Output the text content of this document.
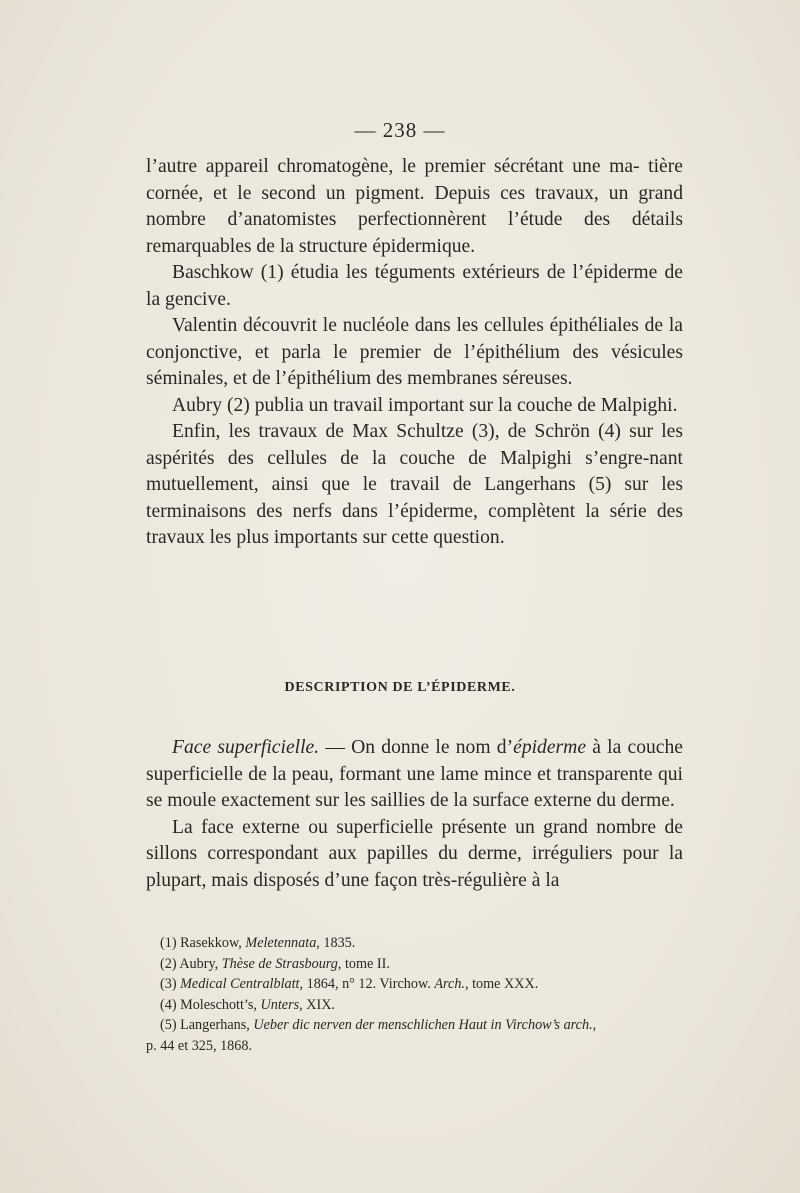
— 238 —

l’autre appareil chromatogène, le premier sécrétant une ma- tière cornée, et le second un pigment. Depuis ces travaux, un grand nombre d’anatomistes perfectionnèrent l’étude des détails remarquables de la structure épidermique.

Baschkow (1) étudia les téguments extérieurs de l’épiderme de la gencive.

Valentin découvrit le nucléole dans les cellules épithéliales de la conjonctive, et parla le premier de l’épithélium des vésicules séminales, et de l’épithélium des membranes séreuses.

Aubry (2) publia un travail important sur la couche de Malpighi.

Enfin, les travaux de Max Schultze (3), de Schrön (4) sur les aspérités des cellules de la couche de Malpighi s’engre-nant mutuellement, ainsi que le travail de Langerhans (5) sur les terminaisons des nerfs dans l’épiderme, complètent la série des travaux les plus importants sur cette question.

DESCRIPTION DE L’ÉPIDERME.

Face superficielle. — On donne le nom d’épiderme à la couche superficielle de la peau, formant une lame mince et transparente qui se moule exactement sur les saillies de la surface externe du derme.

La face externe ou superficielle présente un grand nombre de sillons correspondant aux papilles du derme, irréguliers pour la plupart, mais disposés d’une façon très-régulière à la

(1) Rasekkow, Meletennata, 1835.

(2) Aubry, Thèse de Strasbourg, tome II.

(3) Medical Centralblatt, 1864, n° 12. Virchow. Arch., tome XXX.

(4) Moleschott’s, Unters, XIX.

(5) Langerhans, Ueber dic nerven der menschlichen Haut in Virchow’s arch.,

p. 44 et 325, 1868.
